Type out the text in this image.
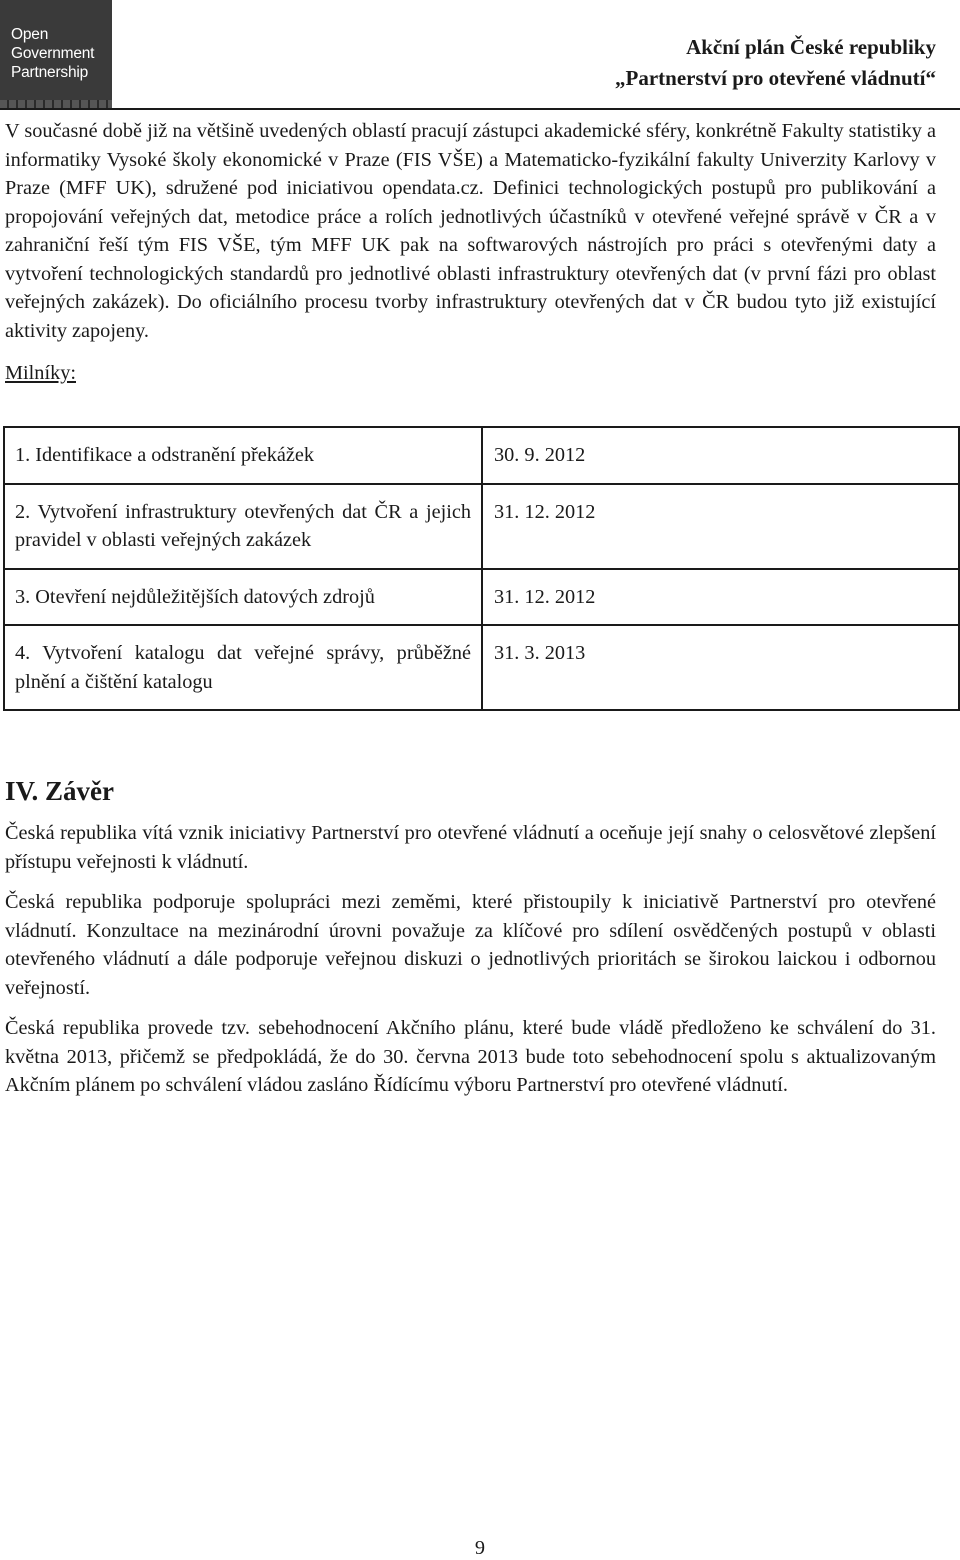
Open
Government
Partnership
Akční plán České republiky
„Partnerství pro otevřené vládnutí“

V současné době již na většině uvedených oblastí pracují zástupci akademické sféry, konkrétně Fakulty statistiky a informatiky Vysoké školy ekonomické v Praze (FIS VŠE) a Matematicko-fyzikální fakulty Univerzity Karlovy v Praze (MFF UK), sdružené pod iniciativou opendata.cz. Definici technologických postupů pro publikování a propojování veřejných dat, metodice práce a rolích jednotlivých účastníků v otevřené veřejné správě v ČR a v zahraniční řeší tým FIS VŠE, tým MFF UK pak na softwarových nástrojích pro práci s otevřenými daty a vytvoření technologických standardů pro jednotlivé oblasti infrastruktury otevřených dat (v první fázi pro oblast veřejných zakázek). Do oficiálního procesu tvorby infrastruktury otevřených dat v ČR budou tyto již existující aktivity zapojeny.

Milníky:

1. Identifikace a odstranění překážek	30. 9. 2012
2. Vytvoření infrastruktury otevřených dat ČR a jejich pravidel v oblasti veřejných zakázek	31. 12. 2012
3. Otevření nejdůležitějších datových zdrojů	31. 12. 2012
4. Vytvoření katalogu dat veřejné správy, průběžné plnění a čištění katalogu	31. 3. 2013
IV. Závěr

Česká republika vítá vznik iniciativy Partnerství pro otevřené vládnutí a oceňuje její snahy o celosvětové zlepšení přístupu veřejnosti k vládnutí.

Česká republika podporuje spolupráci mezi zeměmi, které přistoupily k iniciativě Partnerství pro otevřené vládnutí. Konzultace na mezinárodní úrovni považuje za klíčové pro sdílení osvědčených postupů v oblasti otevřeného vládnutí a dále podporuje veřejnou diskuzi o jednotlivých prioritách se širokou laickou i odbornou veřejností.

Česká republika provede tzv. sebehodnocení Akčního plánu, které bude vládě předloženo ke schválení do 31. května 2013, přičemž se předpokládá, že do 30. června 2013 bude toto sebehodnocení spolu s aktualizovaným Akčním plánem po schválení vládou zasláno Řídícímu výboru Partnerství pro otevřené vládnutí.

9
